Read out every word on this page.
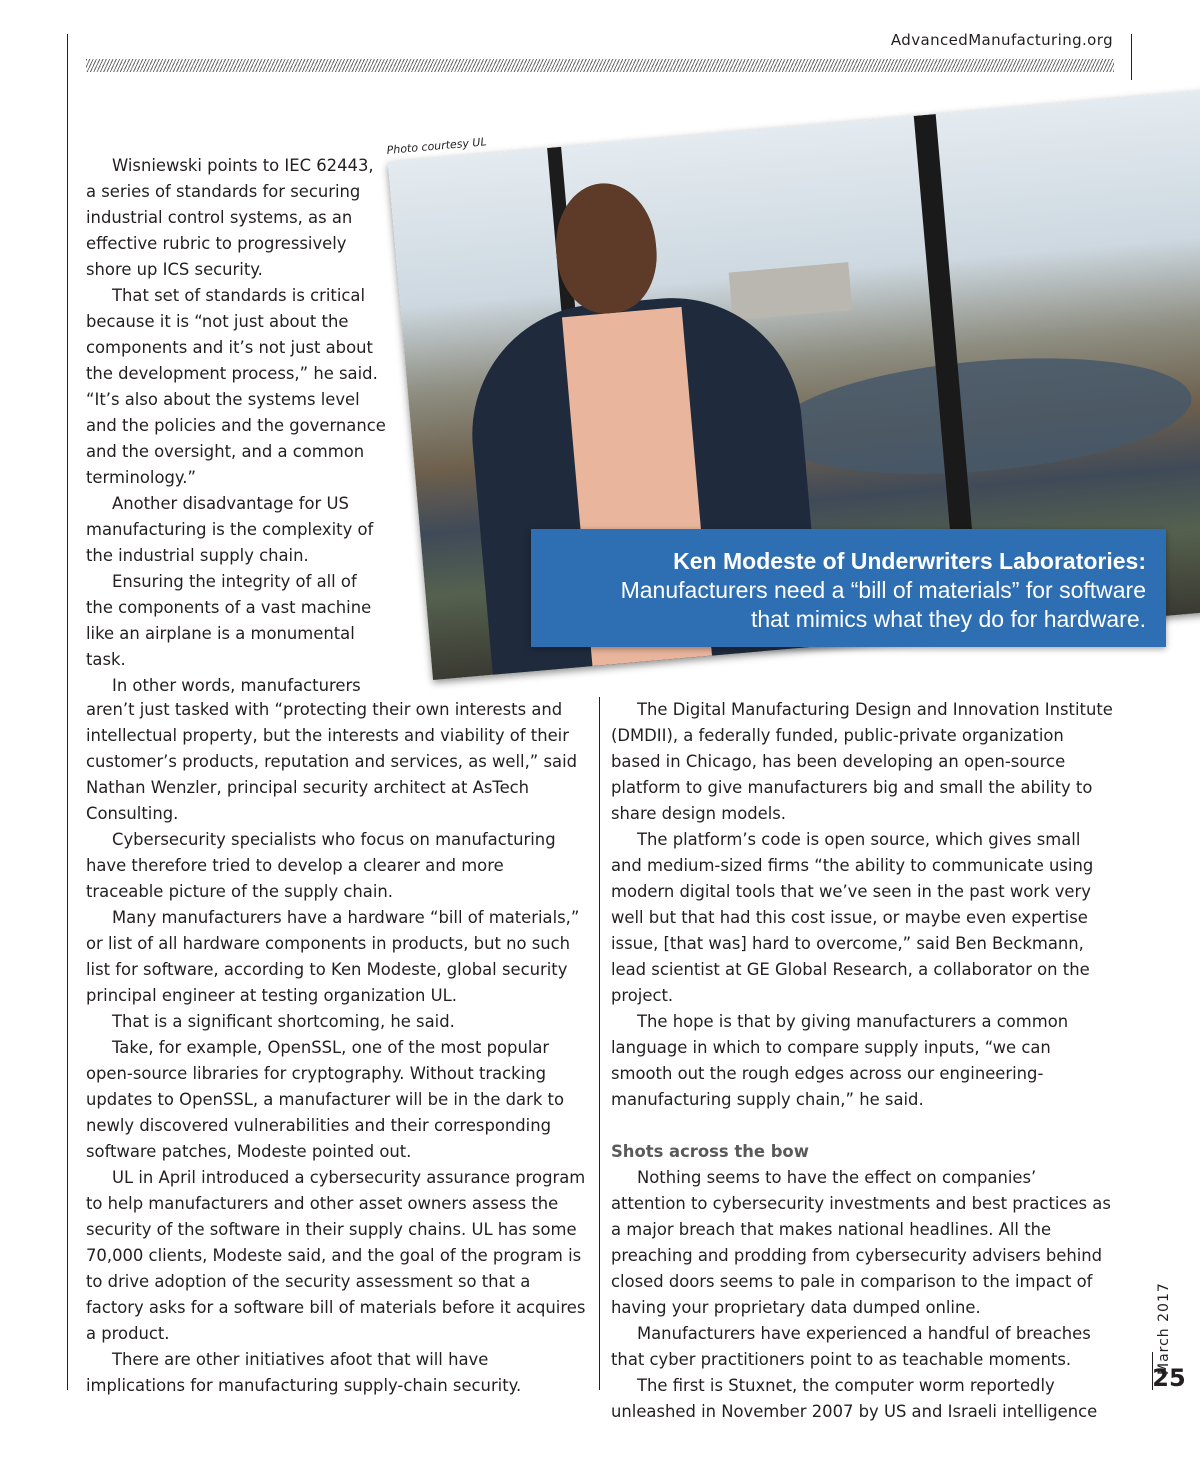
AdvancedManufacturing.org

Wisniewski points to IEC 62443, a series of standards for securing industrial control systems, as an effective rubric to progressively shore up ICS security.

That set of standards is critical because it is “not just about the components and it’s not just about the development process,” he said. “It’s also about the systems level and the policies and the governance and the oversight, and a common terminology.”

Another disadvantage for US manufacturing is the complexity of the industrial supply chain.

Ensuring the integrity of all of the components of a vast machine like an airplane is a monumental task.

In other words, manufacturers

Photo courtesy UL
Ken Modeste of Underwriters Laboratories:
Manufacturers need a “bill of materials” for software
that mimics what they do for hardware.

aren’t just tasked with “protecting their own interests and intellectual property, but the interests and viability of their customer’s products, reputation and services, as well,” said Nathan Wenzler, principal security architect at AsTech Consulting.

Cybersecurity specialists who focus on manufacturing have therefore tried to develop a clearer and more traceable picture of the supply chain.

Many manufacturers have a hardware “bill of materials,” or list of all hardware components in products, but no such list for software, according to Ken Modeste, global security principal engineer at testing organization UL.

That is a significant shortcoming, he said.

Take, for example, OpenSSL, one of the most popular open-source libraries for cryptography. Without tracking updates to OpenSSL, a manufacturer will be in the dark to newly discovered vulnerabilities and their corresponding software patches, Modeste pointed out.

UL in April introduced a cybersecurity assurance program to help manufacturers and other asset owners assess the security of the software in their supply chains. UL has some 70,000 clients, Modeste said, and the goal of the program is to drive adoption of the security assessment so that a factory asks for a software bill of materials before it acquires a product.

There are other initiatives afoot that will have implications for manufacturing supply-chain security.

The Digital Manufacturing Design and Innovation Institute (DMDII), a federally funded, public-private organization based in Chicago, has been developing an open-source platform to give manufacturers big and small the ability to share design models.

The platform’s code is open source, which gives small and medium-sized firms “the ability to communicate using modern digital tools that we’ve seen in the past work very well but that had this cost issue, or maybe even expertise issue, [that was] hard to overcome,” said Ben Beckmann, lead scientist at GE Global Research, a collaborator on the project.

The hope is that by giving manufacturers a common language in which to compare supply inputs, “we can smooth out the rough edges across our engineering-manufacturing supply chain,” he said.

Shots across the bow

Nothing seems to have the effect on companies’ attention to cybersecurity investments and best practices as a major breach that makes national headlines. All the preaching and prodding from cybersecurity advisers behind closed doors seems to pale in comparison to the impact of having your proprietary data dumped online.

Manufacturers have experienced a handful of breaches that cyber practitioners point to as teachable moments.

The first is Stuxnet, the computer worm reportedly unleashed in November 2007 by US and Israeli intelligence

March 2017
25
